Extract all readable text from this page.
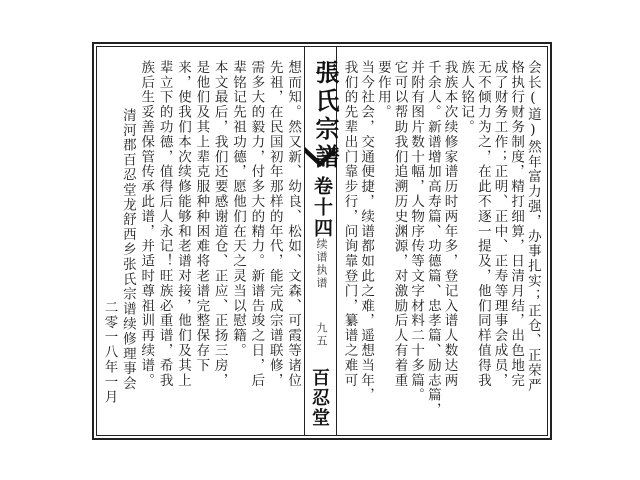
張氏宗譜
卷十四
续谱执谱
九五
百忍堂
会长(道)然年富力强，办事扎实；正仓、正荣严
格执行财务制度，精打细算，日清月结，出色地完
成了财务工作；正明、正中、正寿等理事会成员，
无不倾力为之，在此不逐一提及，他们同样值得我
族人铭记。
我族本次续修家谱历时两年多，登记入谱人数达两
千余人。新谱增加高寿篇、功德篇、忠孝篇、励志篇，
并附有图片数十幅，人物序传等文字材料二十多篇。
它可以帮助我们追溯历史渊源，对激励后人有着重
要作用。
当今社会，交通便捷，续谱都如此之难，遥想当年，
我们的先辈出门靠步行，问询靠登门，纂谱之难可
想而知。然又新、幼良、松如、文森、可霞等诸位
先祖，在民国初年那样的年代，能完成宗谱联修，
需多大的毅力，付多大的精力。新谱告竣之日，后
辈铭记先祖功德，愿他们在天之灵当以慰籍。
本文最后，我们还要感谢道仓、正应、正扬三房，
是他们及其上辈克服种种困难将老谱完整保存下
来，使我们本次续修能够和老谱对接，他们及其上
辈立下的功德，值得后人永记！旺族必重谱，希我
族后生妥善保管传承此谱，并适时尊祖训再续谱。
清河郡百忍堂龙舒西乡张氏宗谱续修理事会
二零一八年一月
